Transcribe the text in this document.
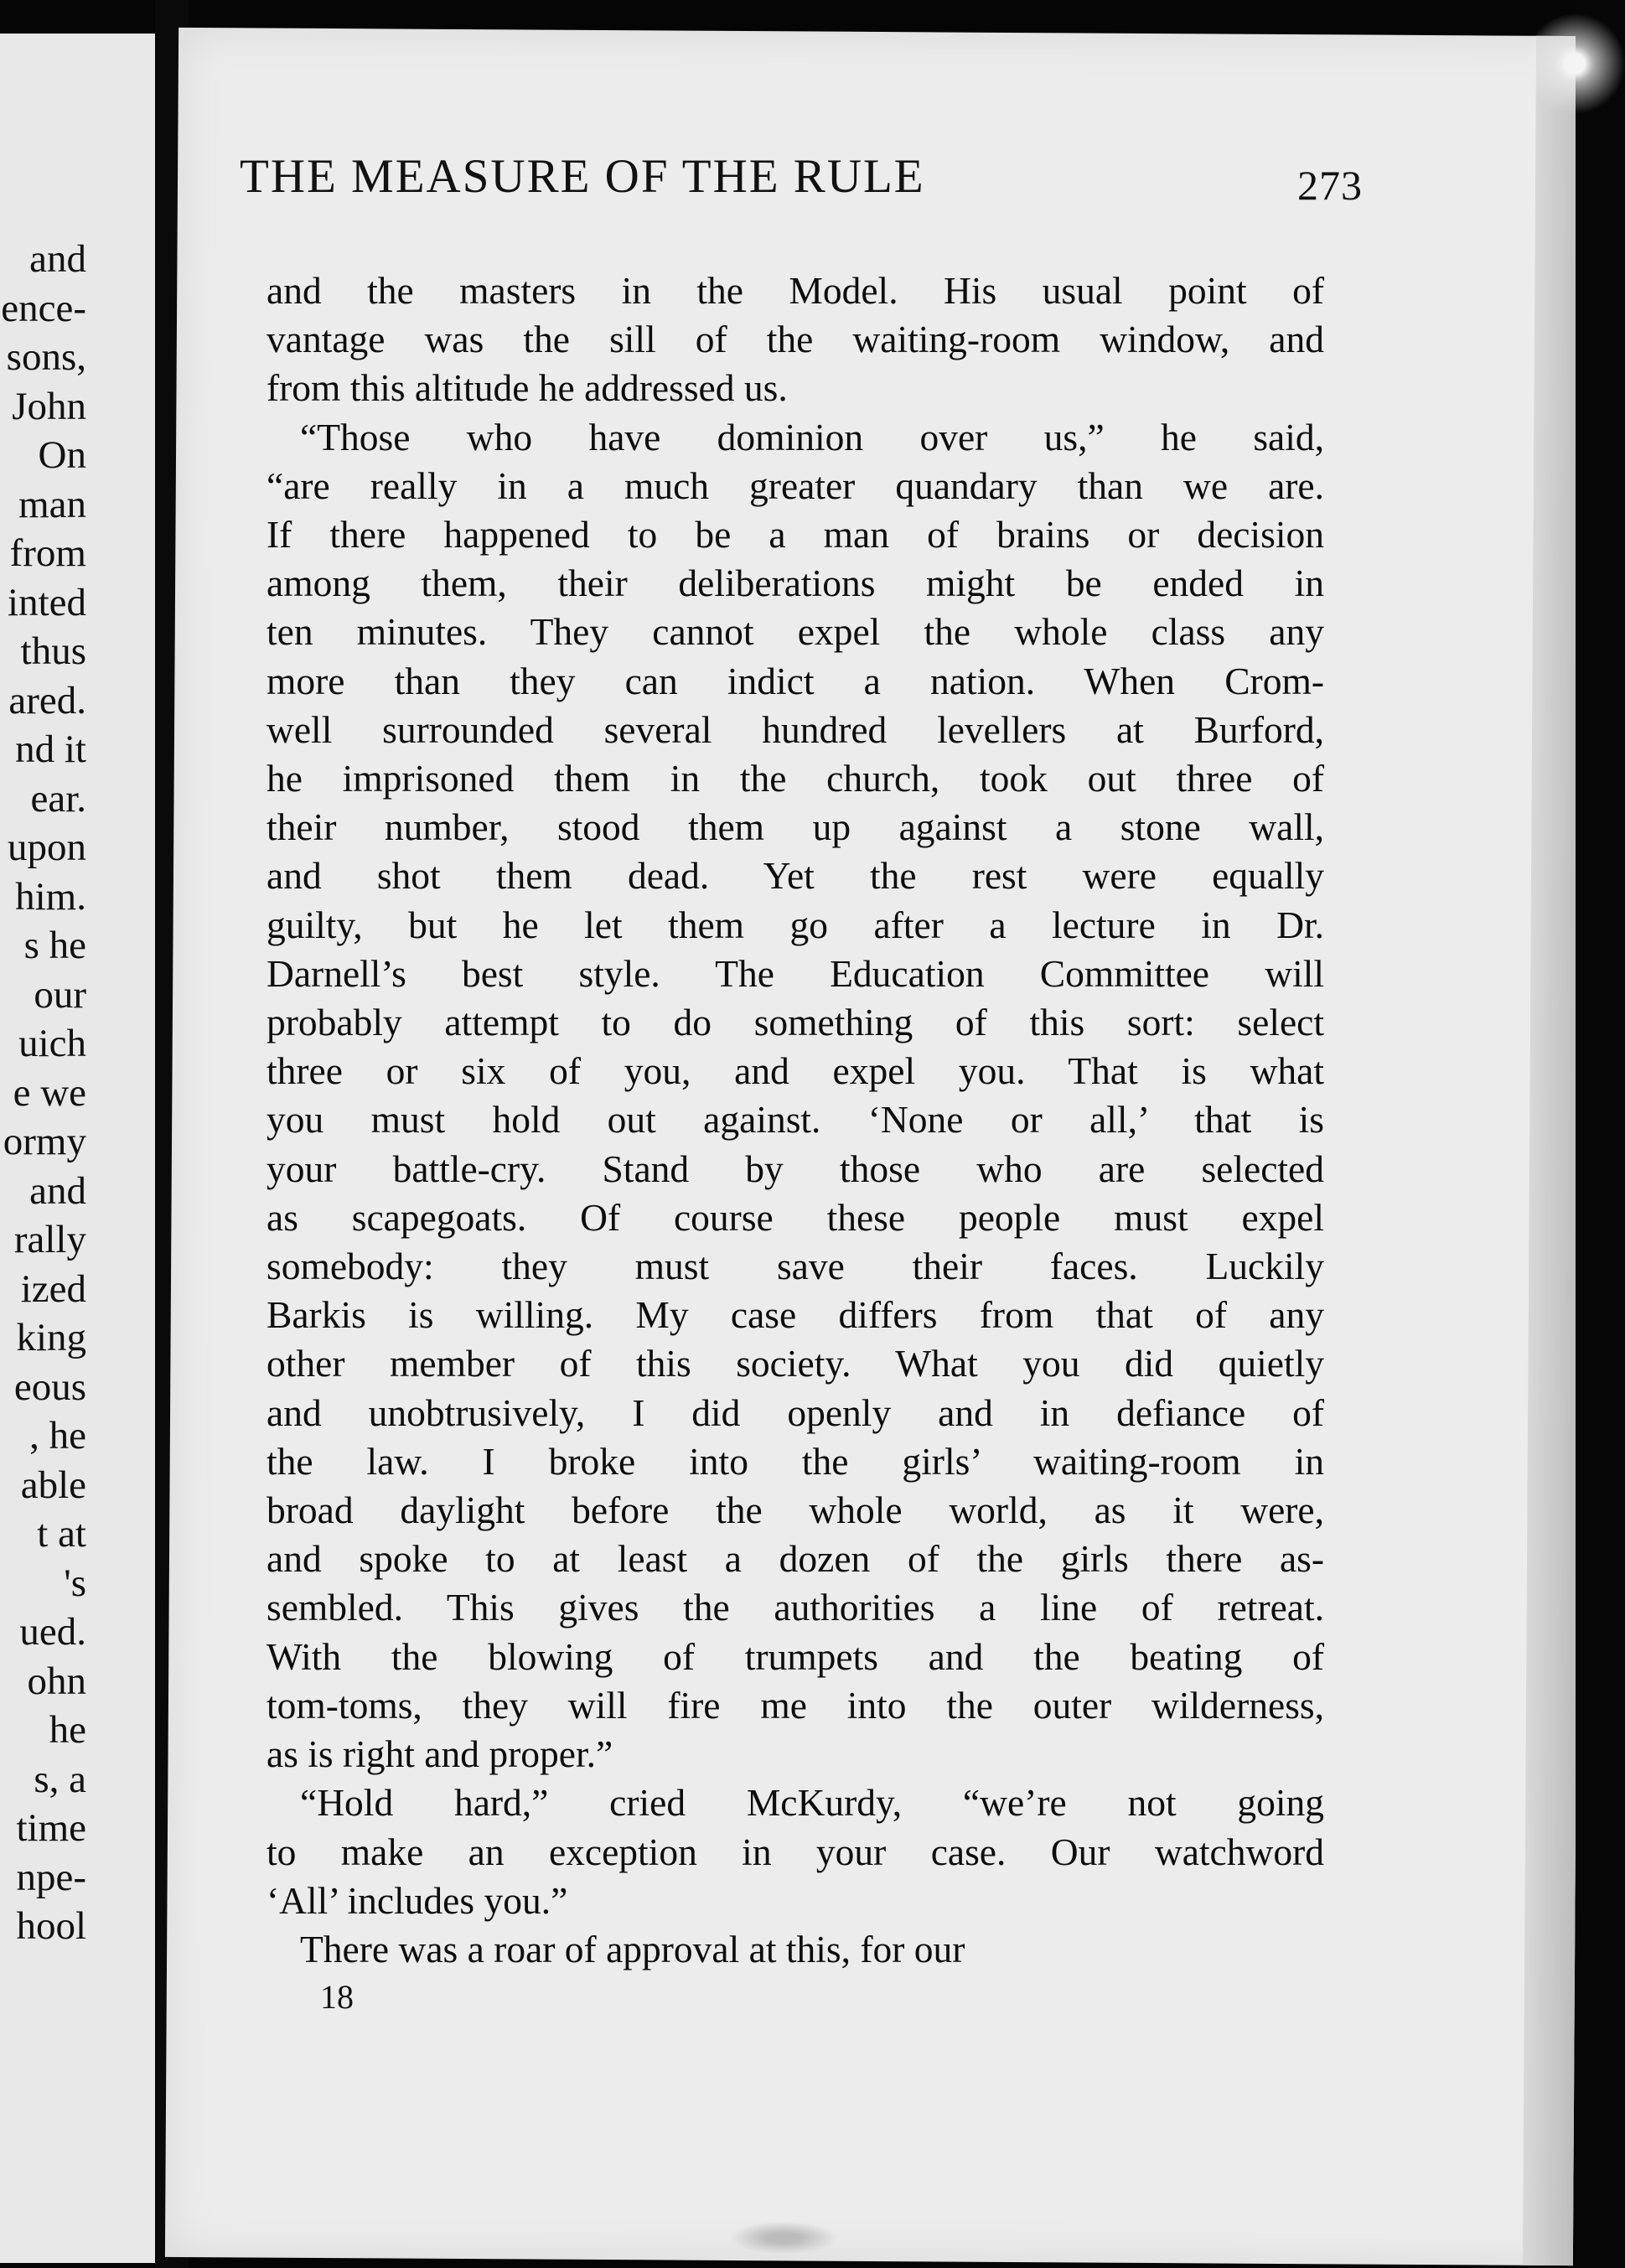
and
ence-
sons,
John
On
man
from
inted
thus
ared.
nd it
ear.
upon
him.
s he
our
uich
e we
ormy
and
rally
ized
king
eous
, he
able
t at
's
ued.
ohn
he
s, a
time
npe-
hool
THE MEASURE OF THE RULE	273
and the masters in the Model. His usual point of
vantage was the sill of the waiting-room window, and
from this altitude he addressed us.
“Those who have dominion over us,” he said,
“are really in a much greater quandary than we are.
If there happened to be a man of brains or decision
among them, their deliberations might be ended in
ten minutes. They cannot expel the whole class any
more than they can indict a nation. When Crom-
well surrounded several hundred levellers at Burford,
he imprisoned them in the church, took out three of
their number, stood them up against a stone wall,
and shot them dead. Yet the rest were equally
guilty, but he let them go after a lecture in Dr.
Darnell’s best style. The Education Committee will
probably attempt to do something of this sort: select
three or six of you, and expel you. That is what
you must hold out against. ‘None or all,’ that is
your battle-cry. Stand by those who are selected
as scapegoats. Of course these people must expel
somebody: they must save their faces. Luckily
Barkis is willing. My case differs from that of any
other member of this society. What you did quietly
and unobtrusively, I did openly and in defiance of
the law. I broke into the girls’ waiting-room in
broad daylight before the whole world, as it were,
and spoke to at least a dozen of the girls there as-
sembled. This gives the authorities a line of retreat.
With the blowing of trumpets and the beating of
tom-toms, they will fire me into the outer wilderness,
as is right and proper.”
“Hold hard,” cried McKurdy, “we’re not going
to make an exception in your case. Our watchword
‘All’ includes you.”
There was a roar of approval at this, for our
18
